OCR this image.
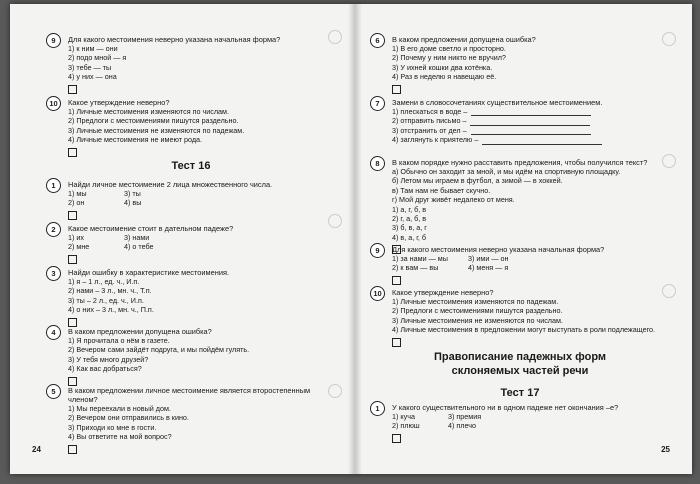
9	Для какого местоимения неверно указана начальная форма?
1) к ним — они
2) подо мной — я
3) тебе — ты
4) у них — она
10	Какое утверждение неверно?
1) Личные местоимения изменяются по числам.
2) Предлоги с местоимениями пишутся раздельно.
3) Личные местоимения не изменяются по падежам.
4) Личные местоимения не имеют рода.
Тест 16
1	Найди личное местоимение 2 лица множественного числа.
1) мы	3) ты
2) он	4) вы
2	Какое местоимение стоит в дательном падеже?
1) их	3) нами
2) мне	4) о тебе
3	Найди ошибку в характеристике местоимения.
1) я – 1 л., ед. ч., И.п.
2) нами – 3 л., мн. ч., Т.п.
3) ты – 2 л., ед. ч., И.п.
4) о них – 3 л., мн. ч., П.п.
4	В каком предложении допущена ошибка?
1) Я прочитала о нём в газете.
2) Вечером сами зайдёт подруга, и мы пойдём гулять.
3) У тебя много друзей?
4) Как вас добраться?
5	В каком предложении личное местоимение является второстепенным членом?
1) Мы переехали в новый дом.
2) Вечером они отправились в кино.
3) Приходи ко мне в гости.
4) Вы ответите на мой вопрос?
24
6	В каком предложении допущена ошибка?
1) В его доме светло и просторно.
2) Почему у ним никто не вручил?
3) У ихней кошки два котёнка.
4) Раз в неделю я навещаю её.
7	Замени в словосочетаниях существительное местоимением.
1) плескаться в воде –
2) отправить письмо –
3) отстранить от дел –
4) заглянуть к приятелю –
8	В каком порядке нужно расставить предложения, чтобы получился текст?
а) Обычно он заходит за мной, и мы идём на спортивную площадку.
б) Летом мы играем в футбол, а зимой — в хоккей.
в) Там нам не бывает скучно.
г) Мой друг живёт недалеко от меня.
1) а, г, б, в
2) г, а, б, в
3) б, в, а, г
4) в, а, г, б
9	Для какого местоимения неверно указана начальная форма?
1) за нами — мы	3) ими — он
2) к вам — вы	4) меня — я
10	Какое утверждение неверно?
1) Личные местоимения изменяются по падежам.
2) Предлоги с местоимениями пишутся раздельно.
3) Личные местоимения не изменяются по числам.
4) Личные местоимения в предложении могут выступать в роли подлежащего.
Правописание падежных форм
склоняемых частей речи
Тест 17
1	У какого существительного ни в одном падеже нет окончания –е?
1) куча	3) премия
2) плюш	4) плечо
25
